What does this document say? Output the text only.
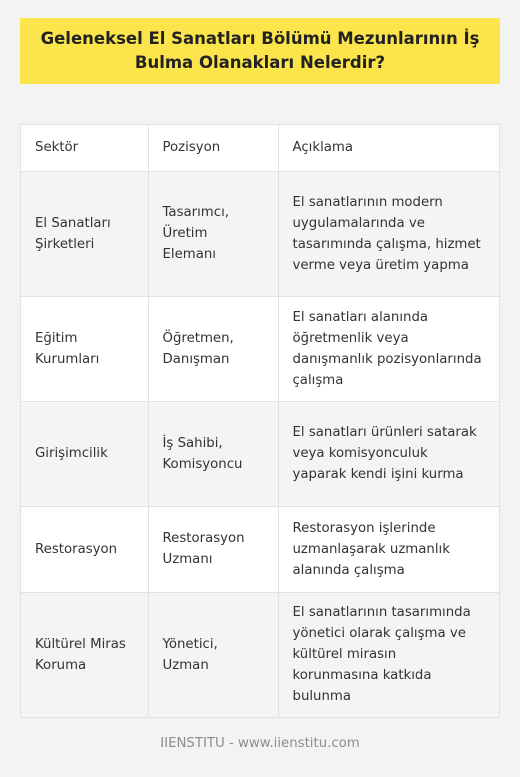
Geleneksel El Sanatları Bölümü Mezunlarının İş Bulma Olanakları Nelerdir?
Sektör	Pozisyon	Açıklama
El Sanatları Şirketleri	Tasarımcı, Üretim Elemanı	El sanatlarının modern uygulamalarında ve tasarımında çalışma, hizmet verme veya üretim yapma
Eğitim Kurumları	Öğretmen, Danışman	El sanatları alanında öğretmenlik veya danışmanlık pozisyonlarında çalışma
Girişimcilik	İş Sahibi, Komisyoncu	El sanatları ürünleri satarak veya komisyonculuk yaparak kendi işini kurma
Restorasyon	Restorasyon Uzmanı	Restorasyon işlerinde uzmanlaşarak uzmanlık alanında çalışma
Kültürel Miras Koruma	Yönetici, Uzman	El sanatlarının tasarımında yönetici olarak çalışma ve kültürel mirasın korunmasına katkıda bulunma
IIENSTITU - www.iienstitu.com
